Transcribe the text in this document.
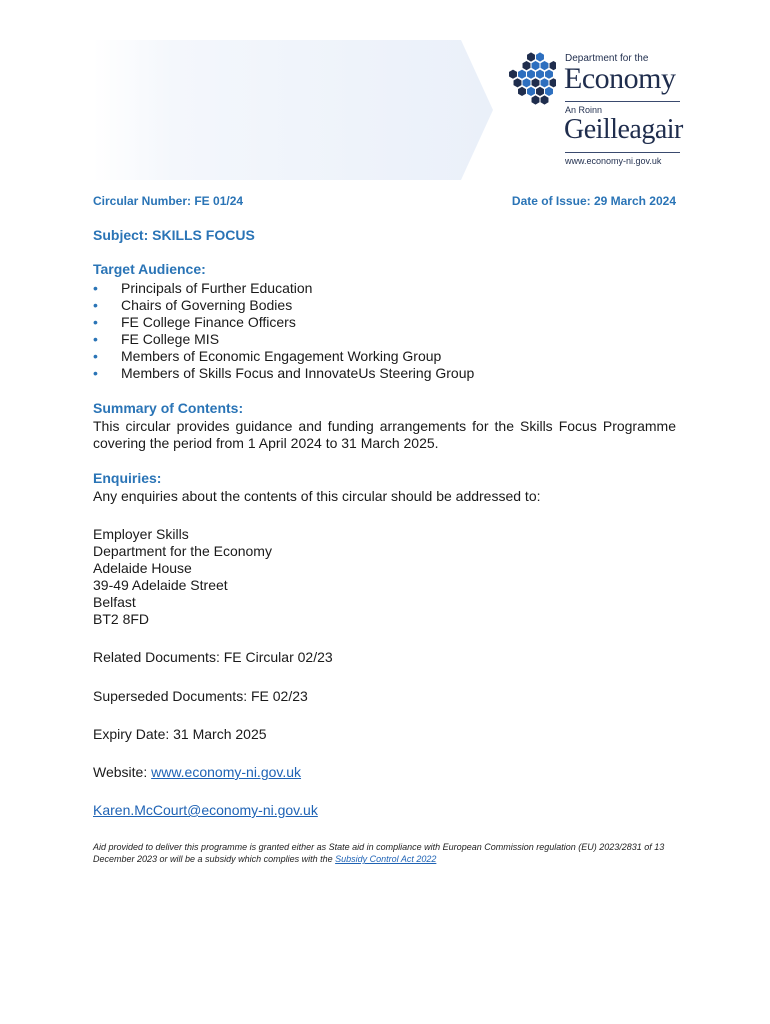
Department for the
Economy
An Roinn
Geilleagair
www.economy-ni.gov.uk
Circular Number: FE 01/24	Date of Issue: 29 March 2024
Subject: SKILLS FOCUS
Target Audience:
• Principals of Further Education
• Chairs of Governing Bodies
• FE College Finance Officers
• FE College MIS
• Members of Economic Engagement Working Group
• Members of Skills Focus and InnovateUs Steering Group
Summary of Contents:

This circular provides guidance and funding arrangements for the Skills Focus Programme covering the period from 1 April 2024 to 31 March 2025.

Enquiries:

Any enquiries about the contents of this circular should be addressed to:

Employer Skills
Department for the Economy
Adelaide House
39-49 Adelaide Street
Belfast
BT2 8FD
Related Documents: FE Circular 02/23
Superseded Documents: FE 02/23
Expiry Date: 31 March 2025
Website: www.economy-ni.gov.uk
Karen.McCourt@economy-ni.gov.uk
Aid provided to deliver this programme is granted either as State aid in compliance with European Commission regulation (EU) 2023/2831 of 13 December 2023 or will be a subsidy which complies with the Subsidy Control Act 2022
